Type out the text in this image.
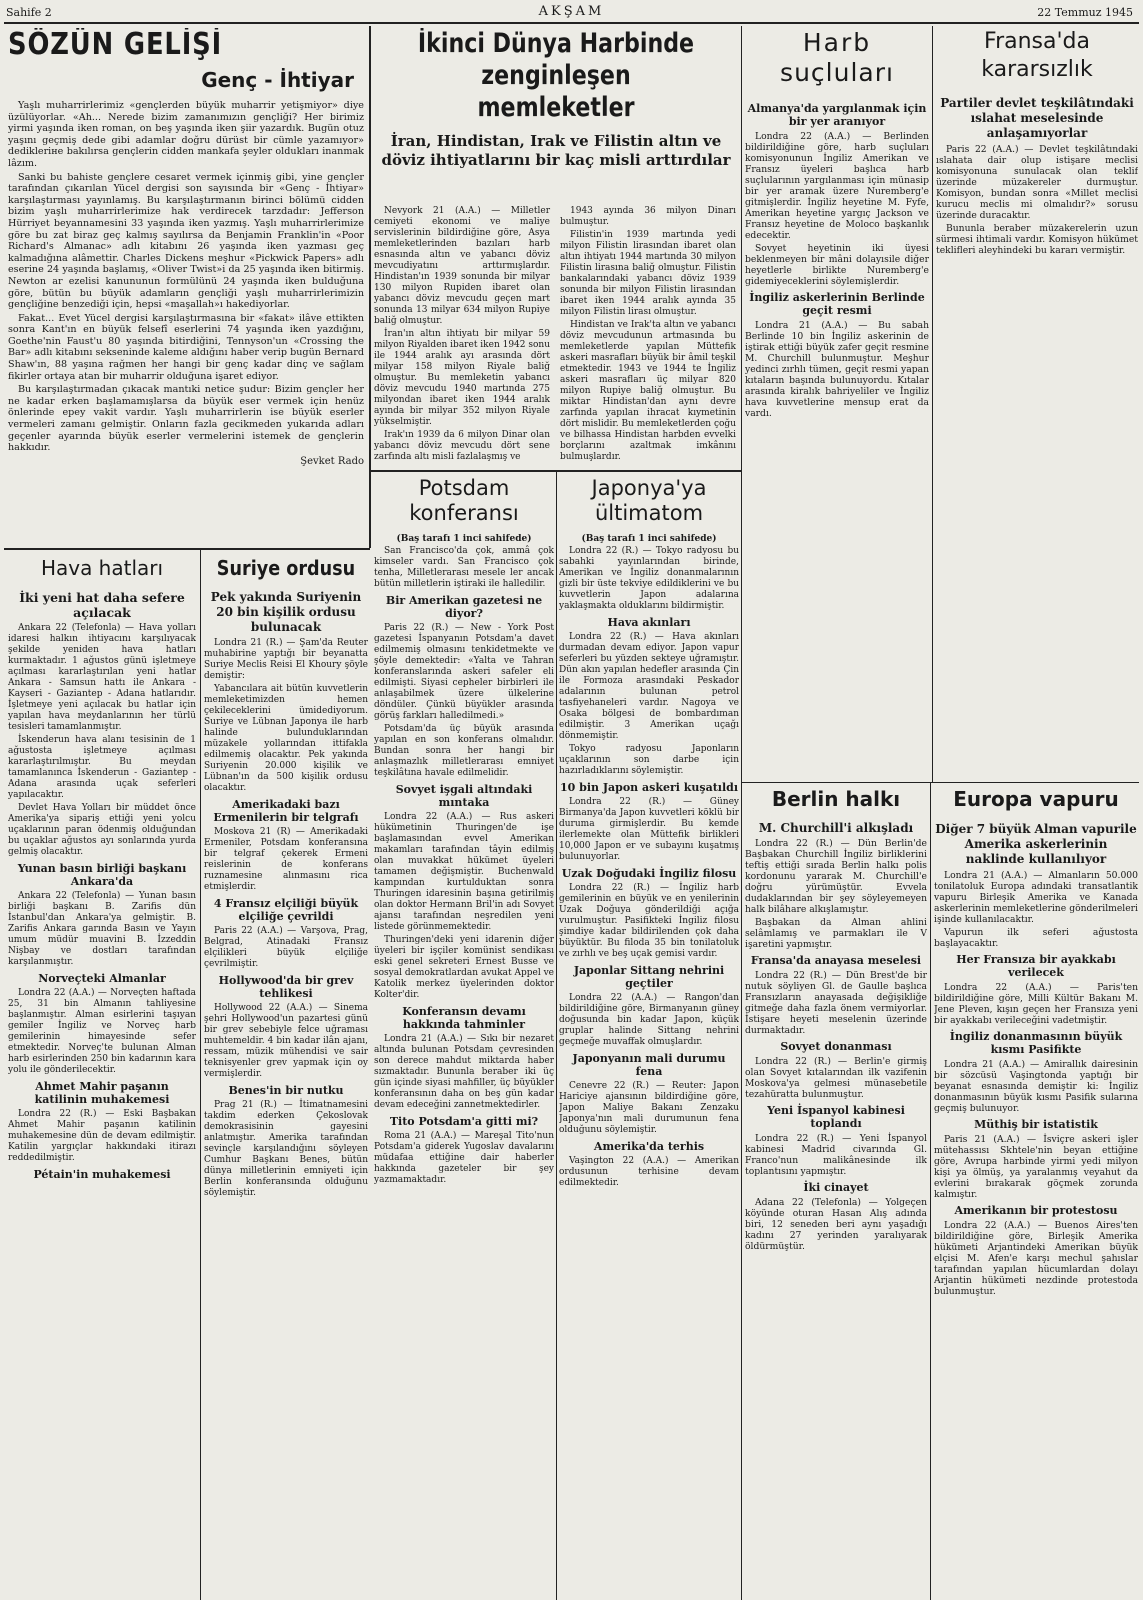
Sahife 2	AKŞAM	22 Temmuz 1945
SÖZÜN GELİŞİ
Genç - İhtiyar

Yaşlı muharrirlerimiz «gençlerden büyük muharrir yetişmiyor» diye üzülüyorlar. «Ah... Nerede bizim zamanımızın gençliği? Her birimiz yirmi yaşında iken roman, on beş yaşında iken şiir yazardık. Bugün otuz yaşını geçmiş dede gibi adamlar doğru dürüst bir cümle yazamıyor» dedikleriне bakılırsa gençlerin cidden mankafa şeyler oldukları inanmak lâzım.

Sanki bu bahiste gençlere cesaret vermek içinmiş gibi, yine gençler tarafından çıkarılan Yücel dergisi son sayısında bir «Genç - İhtiyar» karşılaştırması yayınlamış. Bu karşılaştırmanın birinci bölümü cidden bizim yaşlı muharrirlerimize hak verdirecek tarzdadır: Jefferson Hürriyet beyannamesini 33 yaşında iken yazmış. Yaşlı muharrirlerimize göre bu zat biraz geç kalmış sayılırsa da Benjamin Franklin'in «Poor Richard's Almanac» adlı kitabını 26 yaşında iken yazması geç kalmadığına alâmettir. Charles Dickens meşhur «Pickwick Papers» adlı eserine 24 yaşında başlamış, «Oliver Twist»i da 25 yaşında iken bitirmiş. Newton ar ezelisi kanununun formülünü 24 yaşında iken bulduğuna göre, bütün bu büyük adamların gençliği yaşlı muharrirlerimizin gençliğine benzediği için, hepsi «maşallah»ı hakediyorlar.

Fakat... Evet Yücel dergisi karşılaştırmasına bir «fakat» ilâve ettikten sonra Kant'ın en büyük felsefî eserlerini 74 yaşında iken yazdığını, Goethe'nin Faust'u 80 yaşında bitirdiğini, Tennyson'un «Crossing the Bar» adlı kitabını sekseninde kaleme aldığını haber verip bugün Bernard Shaw'ın, 88 yaşına rağmen her hangi bir genç kadar dinç ve sağlam fikirler ortaya atan bir muharrir olduğuna işaret ediyor.

Bu karşılaştırmadan çıkacak mantıki netice şudur: Bizim gençler her ne kadar erken başlamamışlarsa da büyük eser vermek için henüz önlerinde epey vakit vardır. Yaşlı muharrirlerin ise büyük eserler vermeleri zamanı gelmiştir. Onların fazla gecikmeden yukarıda adları geçenler ayarında büyük eserler vermelerini istemek de gençlerin hakkıdır.

Şevket Rado
İkinci Dünya Harbinde
zenginleşen memleketler
İran, Hindistan, Irak ve Filistin altın ve döviz ihtiyatlarını bir kaç misli arttırdılar

Nevyork 21 (A.A.) — Milletler cemiyeti ekonomi ve maliye servislerinin bildirdiğine göre, Asya memleketlerinden bazıları harb esnasında altın ve yabancı döviz mevcudiyatını arttırmışlardır. Hindistan'ın 1939 sonunda bir milyar 130 milyon Rupiden ibaret olan yabancı döviz mevcudu geçen mart sonunda 13 milyar 634 milyon Rupiye baliğ olmuştur.

İran'ın altın ihtiyatı bir milyar 59 milyon Riyalden ibaret iken 1942 sonu ile 1944 aralık ayı arasında dört milyar 158 milyon Riyale baliğ olmuştur. Bu memleketin yabancı döviz mevcudu 1940 martında 275 milyondan ibaret iken 1944 aralık ayında bir milyar 352 milyon Riyale yükselmiştir.

Irak'ın 1939 da 6 milyon Dinar olan yabancı döviz mevcudu dört sene zarfında altı misli fazlalaşmış ve

1943 ayında 36 milyon Dinarı bulmuştur.

Filistin'in 1939 martında yedi milyon Filistin lirasından ibaret olan altın ihtiyatı 1944 martında 30 milyon Filistin lirasına baliğ olmuştur. Filistin bankalarındaki yabancı döviz 1939 sonunda bir milyon Filistin lirasından ibaret iken 1944 aralık ayında 35 milyon Filistin lirası olmuştur.

Hindistan ve Irak'ta altın ve yabancı döviz mevcudunun artmasında bu memleketlerde yapılan Müttefik askeri masrafları büyük bir âmil teşkil etmektedir. 1943 ve 1944 te İngiliz askeri masrafları üç milyar 820 milyon Rupiye baliğ olmuştur. Bu miktar Hindistan'dan aynı devre zarfında yapılan ihracat kıymetinin dört mislidir. Bu memleketlerden çoğu ve bilhassa Hindistan harbden evvelki borçlarını azaltmak imkânını bulmuşlardır.

Harb
suçluları
Almanya'da yargılanmak için bir yer aranıyor

Londra 22 (A.A.) — Berlinden bildirildiğine göre, harb suçluları komisyonunun İngiliz Amerikan ve Fransız üyeleri başlıca harb suçlularının yargılanması için münasip bir yer aramak üzere Nuremberg'e gitmişlerdir. İngiliz heyetine M. Fyfe, Amerikan heyetine yargıç Jackson ve Fransız heyetine de Moloco başkanlık edecektir.

Sovyet heyetinin iki üyesi beklenmeyen bir mâni dolayısile diğer heyetlerle birlikte Nuremberg'e gidemiyeceklerini söylemişlerdir.

İngiliz askerlerinin Berlinde geçit resmi

Londra 21 (A.A.) — Bu sabah Berlinde 10 bin İngiliz askerinin de iştirak ettiği büyük zafer geçit resmine M. Churchill bulunmuştur. Meşhur yedinci zırhlı tümen, geçit resmi yapan kıtaların başında bulunuyordu. Kıtalar arasında kiralık bahriyeliler ve İngiliz hava kuvvetlerine mensup erat da vardı.

Fransa'da
kararsızlık
Partiler devlet teşkilâtındaki ıslahat meselesinde anlaşamıyorlar

Paris 22 (A.A.) — Devlet teşkilâtındaki ıslahata dair olup istişare meclisi komisyonuna sunulacak olan teklif üzerinde müzakereler durmuştur. Komisyon, bundan sonra «Millet meclisi kurucu meclis mi olmalıdır?» sorusu üzerinde duracaktır.

Bununla beraber müzakerelerin uzun sürmesi ihtimali vardır. Komisyon hükümet teklifleri aleyhindeki bu kararı vermiştir.

Europa vapuru
Diğer 7 büyük Alman vapurile Amerika askerlerinin naklinde kullanılıyor

Londra 21 (A.A.) — Almanların 50.000 tonilatoluk Europa adındaki transatlantik vapuru Birleşik Amerika ve Kanada askerlerinin memleketlerine gönderilmeleri işinde kullanılacaktır.

Vapurun ilk seferi ağustosta başlayacaktır.

Her Fransıza bir ayakkabı verilecek

Londra 22 (A.A.) — Paris'ten bildirildiğine göre, Milli Kültür Bakanı M. Jene Pleven, kışın geçen her Fransıza yeni bir ayakkabı verileceğini vadetmiştir.

İngiliz donanmasının büyük kısmı Pasifikte

Londra 21 (A.A.) — Amirallık dairesinin bir sözcüsü Vaşingtonda yaptığı bir beyanat esnasında demiştir ki: İngiliz donanmasının büyük kısmı Pasifik sularına geçmiş bulunuyor.

Müthiş bir istatistik

Paris 21 (A.A.) — İsviçre askeri işler mütehassısı Skhtele'nin beyan ettiğine göre, Avrupa harbinde yirmi yedi milyon kişi ya ölmüş, ya yaralanmış veyahut da evlerini bırakarak göçmek zorunda kalmıştır.

Amerikanın bir protestosu

Londra 22 (A.A.) — Buenos Aires'ten bildirildiğine göre, Birleşik Amerika hükümeti Arjantindeki Amerikan büyük elçisi M. Afen'e karşı mechul şahıslar tarafından yapılan hücumlardan dolayı Arjantin hükümeti nezdinde protestoda bulunmuştur.

Berlin halkı
M. Churchill'i alkışladı

Londra 22 (R.) — Dün Berlin'de Başbakan Churchill İngiliz birliklerini teftiş ettiği sırada Berlin halkı polis kordonunu yararak M. Churchill'e doğru yürümüştür. Evvela dudaklarından bir şey söyleyemeyen halk bilâhare alkışlamıştır.

Başbakan da Alman ahlini selâmlamış ve parmakları ile V işaretini yapmıştır.

Fransa'da anayasa meselesi

Londra 22 (R.) — Dün Brest'de bir nutuk söyliyen Gl. de Gaulle başlıca Fransızların anayasada değişikliğe gitmeğe daha fazla önem vermiyorlar. İstişare heyeti meselenin üzerinde durmaktadır.

Sovyet donanması

Londra 22 (R.) — Berlin'e girmiş olan Sovyet kıtalarından ilk vazifenin Moskova'ya gelmesi münasebetile tezahüratta bulunmuştur.

Yeni İspanyol kabinesi toplandı

Londra 22 (R.) — Yeni İspanyol kabinesi Madrid civarında Gl. Franco'nun malikânesinde ilk toplantısını yapmıştır.

İki cinayet

Adana 22 (Telefonla) — Yolgeçen köyünde oturan Hasan Alış adında biri, 12 seneden beri aynı yaşadığı kadını 27 yerinden yaralıyarak öldürmüştür.

Potsdam
konferansı
(Baş tarafı 1 inci sahifede)

San Francisco'da çok, ammâ çok kimseler vardı. San Francisco çok tenha, Milletlerarası mesele ler ancak bütün milletlerin iştiraki ile halledilir.

Bir Amerikan gazetesi ne diyor?

Paris 22 (R.) — New - York Post gazetesi İspanyanın Potsdam'a davet edilmemiş olmasını tenkidetmekte ve şöyle demektedir: «Yalta ve Tahran konferanslarında askeri safeler eli edilmişti. Siyasi cepheler birbirleri ile anlaşabilmek üzere ülkelerine döndüler. Çünkü büyükler arasında görüş farkları halledilmedi.»

Potsdam'da üç büyük arasında yapılan en son konferans olmalıdır. Bundan sonra her hangi bir anlaşmazlık milletlerarası emniyet teşkilâtına havale edilmelidir.

Sovyet işgali altındaki mıntaka

Londra 22 (A.A.) — Rus askeri hükümetinin Thuringen'de işe başlamasından evvel Amerikan makamları tarafından tâyin edilmiş olan muvakkat hükümet üyeleri tamamen değişmiştir. Buchenwald kampından kurtulduktan sonra Thuringen idaresinin başına getirilmiş olan doktor Hermann Bril'in adı Sovyet ajansı tarafından neşredilen yeni listede görünmemektedir.

Thuringen'deki yeni idarenin diğer üyeleri bir işçiler komünist sendikası eski genel sekreteri Ernest Busse ve sosyal demokratlardan avukat Appel ve Katolik merkez üyelerinden doktor Kolter'dir.

Konferansın devamı hakkında tahminler

Londra 21 (A.A.) — Sıkı bir nezaret altında bulunan Potsdam çevresinden son derece mahdut miktarda haber sızmaktadır. Bununla beraber iki üç gün içinde siyasi mahfiller, üç büyükler konferansının daha on beş gün kadar devam edeceğini zannetmektedirler.

Tito Potsdam'a gitti mi?

Roma 21 (A.A.) — Mareşal Tito'nun Potsdam'a giderek Yugoslav davalarını müdafaa ettiğine dair haberler hakkında gazeteler bir şey yazmamaktadır.

Japonya'ya
ültimatom
(Baş tarafı 1 inci sahifede)

Londra 22 (R.) — Tokyo radyosu bu sabahki yayınlarından birinde, Amerikan ve İngiliz donanmalarının gizli bir üste tekviye edildiklerini ve bu kuvvetlerin Japon adalarına yaklaşmakta olduklarını bildirmiştir.

Hava akınları

Londra 22 (R.) — Hava akınları durmadan devam ediyor. Japon vapur seferleri bu yüzden sekteye uğramıştır. Dün akın yapılan hedefler arasında Çin ile Formoza arasındaki Peskador adalarının bulunan petrol tasfiyehaneleri vardır. Nagoya ve Osaka bölgesi de bombardıman edilmiştir. 3 Amerikan uçağı dönmemiştir.

Tokyo radyosu Japonların uçaklarının son darbe için hazırladıklarını söylemiştir.

10 bin Japon askeri kuşatıldı

Londra 22 (R.) — Güney Birmanya'da Japon kuvvetleri köklü bir duruma girmişlerdir. Bu kemde ilerlemekte olan Müttefik birlikleri 10,000 Japon er ve subayını kuşatmış bulunuyorlar.

Uzak Doğudaki İngiliz filosu

Londra 22 (R.) — İngiliz harb gemilerinin en büyük ve en yenilerinin Uzak Doğuya gönderildiği açığa vurulmuştur. Pasifikteki İngiliz filosu şimdiye kadar bildirilenden çok daha büyüktür. Bu filoda 35 bin tonilatoluk ve zırhlı ve beş uçak gemisi vardır.

Japonlar Sittang nehrini geçtiler

Londra 22 (A.A.) — Rangon'dan bildirildiğine göre, Birmanyanın güney doğusunda bin kadar Japon, küçük gruplar halinde Sittang nehrini geçmeğe muvaffak olmuşlardır.

Japonyanın mali durumu fena

Cenevre 22 (R.) — Reuter: Japon Hariciye ajansının bildirdiğine göre, Japon Maliye Bakanı Zenzaku Japonya'nın mali durumunun fena olduğunu söylemiştir.

Amerika'da terhis

Vaşington 22 (A.A.) — Amerikan ordusunun terhisine devam edilmektedir.

Hava hatları
İki yeni hat daha sefere açılacak

Ankara 22 (Telefonla) — Hava yolları idaresi halkın ihtiyacını karşılıyacak şekilde yeniden hava hatları kurmaktadır. 1 ağustos günü işletmeye açılması kararlaştırılan yeni hatlar Ankara - Samsun hattı ile Ankara - Kayseri - Gaziantep - Adana hatlarıdır. İşletmeye yeni açılacak bu hatlar için yapılan hava meydanlarının her türlü tesisleri tamamlanmıştır.

İskenderun hava alanı tesisinin de 1 ağustosta işletmeye açılması kararlaştırılmıştır. Bu meydan tamamlanınca İskenderun - Gaziantep - Adana arasında uçak seferleri yapılacaktır.

Devlet Hava Yolları bir müddet önce Amerika'ya sipariş ettiği yeni yolcu uçaklarının paran ödenmiş olduğundan bu uçaklar ağustos ayı sonlarında yurda gelmiş olacaktır.

Yunan basın birliği başkanı Ankara'da

Ankara 22 (Telefonla) — Yunan basın birliği başkanı B. Zarifis dün İstanbul'dan Ankara'ya gelmiştir. B. Zarifis Ankara garında Basın ve Yayın umum müdür muavini B. İzzeddin Nişbay ve dostları tarafından karşılanmıştır.

Norveçteki Almanlar

Londra 22 (A.A.) — Norveçten haftada 25, 31 bin Almanın tahliyesine başlanmıştır. Alman esirlerini taşıyan gemiler İngiliz ve Norveç harb gemilerinin himayesinde sefer etmektedir. Norveç'te bulunan Alman harb esirlerinden 250 bin kadarının kara yolu ile gönderilecektir.

Ahmet Mahir paşanın katilinin muhakemesi

Londra 22 (R.) — Eski Başbakan Ahmet Mahir paşanın katilinin muhakemesine dün de devam edilmiştir. Katilin yargıçlar hakkındaki itirazı reddedilmiştir.

Pétain'in muhakemesi
Suriye ordusu
Pek yakında Suriyenin 20 bin kişilik ordusu bulunacak

Londra 21 (R.) — Şam'da Reuter muhabirine yaptığı bir beyanatta Suriye Meclis Reisi El Khoury şöyle demiştir:

Yabancılara ait bütün kuvvetlerin memleketimizden hemen çekileceklerini ümidediyorum. Suriye ve Lübnan Japonya ile harb halinde bulunduklarından müzakele yollarından ittifakla edilmemiş olacaktır. Pek yakında Suriyenin 20.000 kişilik ve Lübnan'ın da 500 kişilik ordusu olacaktır.

Amerikadaki bazı Ermenilerin bir telgrafı

Moskova 21 (R) — Amerikadaki Ermeniler, Potsdam konferansına bir telgraf çekerek Ermeni reislerinin de konferans ruznamesine alınmasını rica etmişlerdir.

4 Fransız elçiliği büyük elçiliğe çevrildi

Paris 22 (A.A.) — Varşova, Prag, Belgrad, Atinadaki Fransız elçilikleri büyük elçiliğe çevrilmiştir.

Hollywood'da bir grev tehlikesi

Hollywood 22 (A.A.) — Sinema şehri Hollywood'un pazartesi günü bir grev sebebiyle felce uğraması muhtemeldir. 4 bin kadar ilân ajanı, ressam, müzik mühendisi ve sair teknisyenler grev yapmak için oy vermişlerdir.

Benes'in bir nutku

Prag 21 (R.) — İtimatnamesini takdim ederken Çekoslovak demokrasisinin gayesini anlatmıştır. Amerika tarafından sevinçle karşılandığını söyleyen Cumhur Başkanı Benes, bütün dünya milletlerinin emniyeti için Berlin konferansında olduğunu söylemiştir.
